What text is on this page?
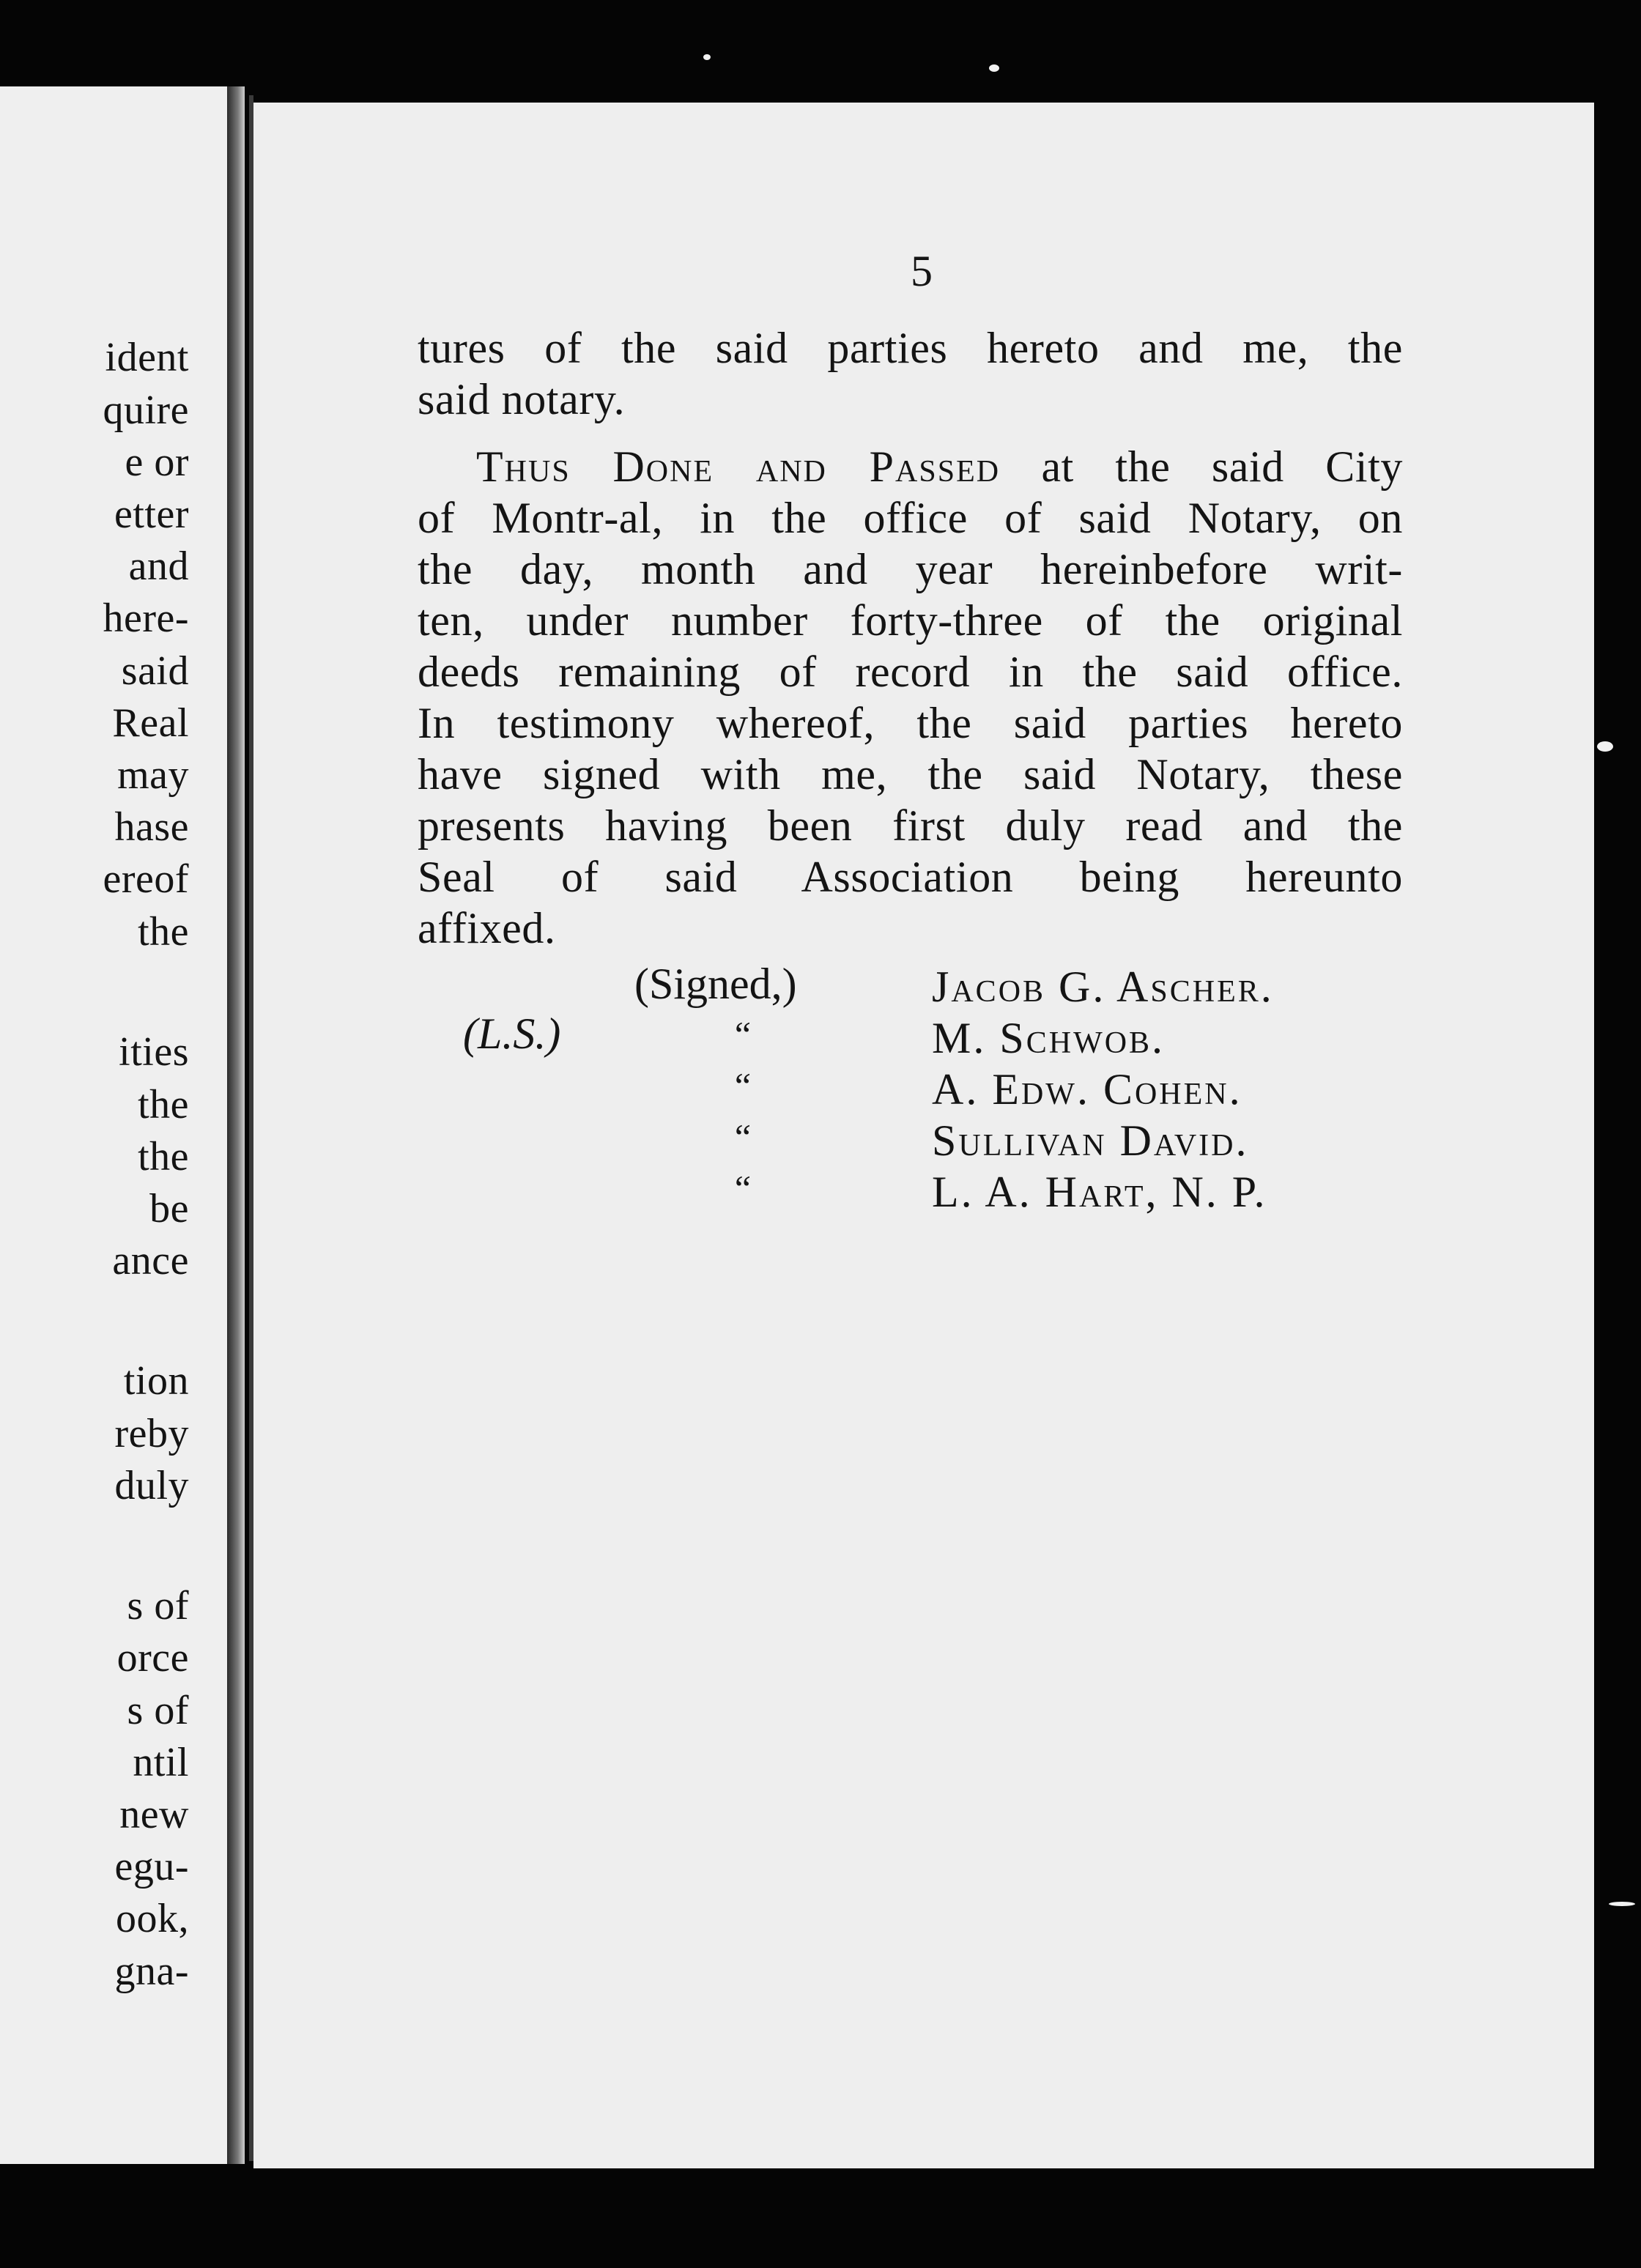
ident
quire
e or
etter
and
here-
said
Real
may
hase
ereof
the
ities
the
the
be
ance
tion
reby
duly
s of
orce
s of
ntil
new
egu-
ook,
gna-
5
tures of the said parties hereto and me, the
said notary.
Thus Done and Passed at the said City
of Montr‐al, in the office of said Notary, on
the day, month and year hereinbefore writ-
ten, under number forty-three of the original
deeds remaining of record in the said office.
In testimony whereof, the said parties hereto
have signed with me, the said Notary, these
presents having been first duly read and the
Seal of said Association being hereunto
affixed.
(Signed,)
(L.S.)	“
“
“
“
Jacob G. Ascher.
M. Schwob.
A. Edw. Cohen.
Sullivan David.
L. A. Hart, N. P.
